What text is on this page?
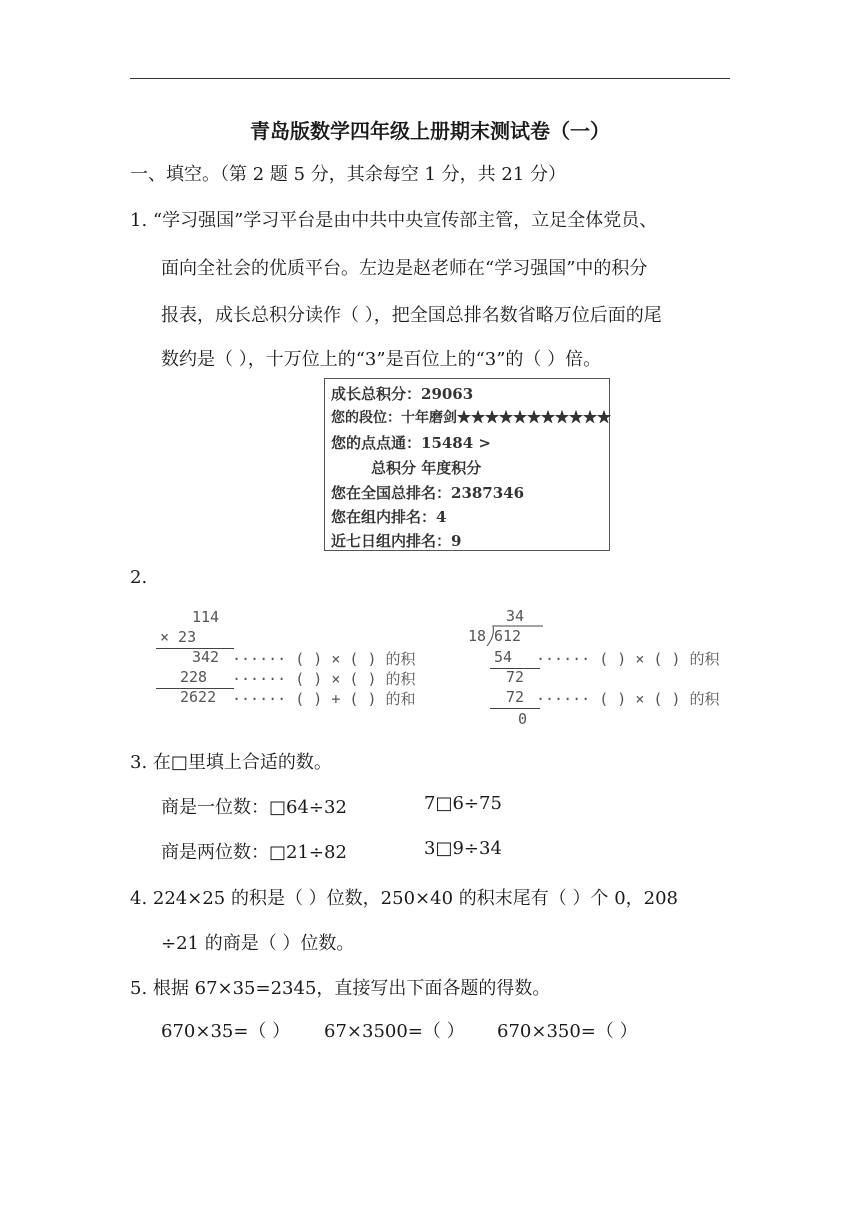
青岛版数学四年级上册期末测试卷（一）
一、填空。（第 2 题 5 分，其余每空 1 分，共 21 分）
1. “学习强国”学习平台是由中共中央宣传部主管，立足全体党员、
面向全社会的优质平台。左边是赵老师在“学习强国”中的积分
报表，成长总积分读作（ ），把全国总排名数省略万位后面的尾
数约是（ ），十万位上的“3”是百位上的“3”的（ ）倍。
成长总积分：29063
您的段位：十年磨剑★★★★★★★★★★★
您的点点通：15484 >
总积分 年度积分
您在全国总排名：2387346
您在组内排名：4
近七日组内排名：9
2.
114
× 23
342 ······ ( ) × ( ) 的积
228 ······ ( ) × ( ) 的积
2622 ······ ( ) + ( ) 的和
34
18 612
54 ······ ( ) × ( ) 的积
72
72 ······ ( ) × ( ) 的积
0
3. 在□里填上合适的数。
商是一位数：□64÷32	7□6÷75
商是两位数：□21÷82	3□9÷34
4. 224×25 的积是（ ）位数，250×40 的积末尾有（ ）个 0，208
÷21 的商是（ ）位数。
5. 根据 67×35=2345，直接写出下面各题的得数。
670×35=（ ） 67×3500=（ ） 670×350=（ ）
